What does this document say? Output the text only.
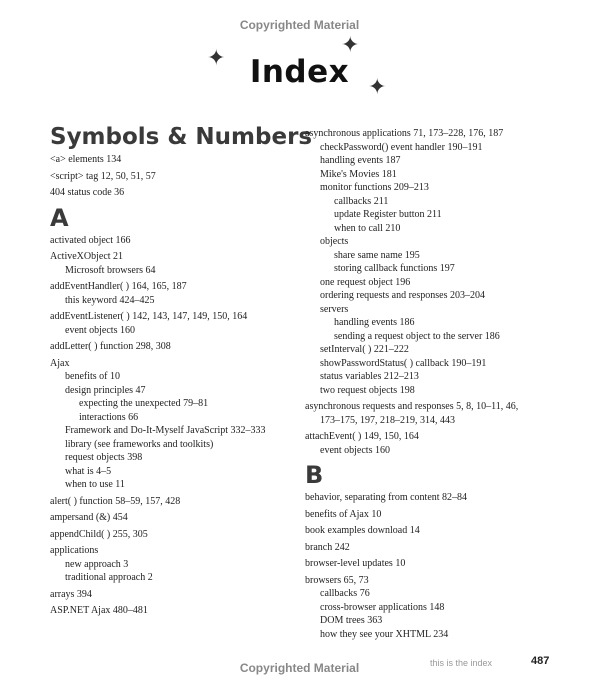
Copyrighted Material
✦
✦
✦
Index
Symbols & Numbers
<a> elements 134
<script> tag 12, 50, 51, 57
404 status code 36
A
activated object 166
ActiveXObject 21
Microsoft browsers 64
addEventHandler( ) 164, 165, 187
this keyword 424–425
addEventListener( ) 142, 143, 147, 149, 150, 164
event objects 160
addLetter( ) function 298, 308
Ajax
benefits of 10
design principles 47
expecting the unexpected 79–81
interactions 66
Framework and Do-It-Myself JavaScript 332–333
library (see frameworks and toolkits)
request objects 398
what is 4–5
when to use 11
alert( ) function 58–59, 157, 428
ampersand (&) 454
appendChild( ) 255, 305
applications
new approach 3
traditional approach 2
arrays 394
ASP.NET Ajax 480–481
asynchronous applications 71, 173–228, 176, 187
checkPassword() event handler 190–191
handling events 187
Mike's Movies 181
monitor functions 209–213
callbacks 211
update Register button 211
when to call 210
objects
share same name 195
storing callback functions 197
one request object 196
ordering requests and responses 203–204
servers
handling events 186
sending a request object to the server 186
setInterval( ) 221–222
showPasswordStatus( ) callback 190–191
status variables 212–213
two request objects 198
asynchronous requests and responses 5, 8, 10–11, 46,
173–175, 197, 218–219, 314, 443
attachEvent( ) 149, 150, 164
event objects 160
B
behavior, separating from content 82–84
benefits of Ajax 10
book examples download 14
branch 242
browser-level updates 10
browsers 65, 73
callbacks 76
cross-browser applications 148
DOM trees 363
how they see your XHTML 234
Copyrighted Material	this is the index	487
